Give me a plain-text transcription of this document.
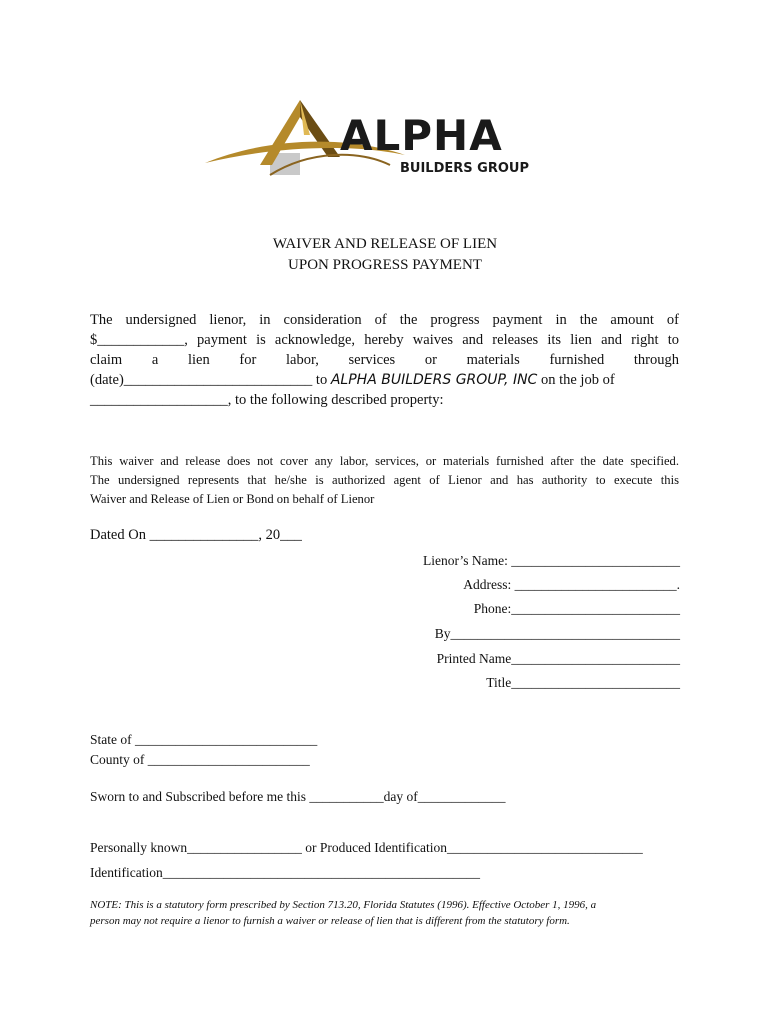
ALPHA
BUILDERS GROUP
WAIVER AND RELEASE OF LIEN
UPON PROGRESS PAYMENT
The undersigned lienor, in consideration of the progress payment in the amount of
$____________, payment is acknowledge, hereby waives and releases its lien and right to
claim a lien for labor, services or materials furnished through
(date)__________________________ to ALPHA BUILDERS GROUP, INC on the job of
___________________, to the following described property:
This waiver and release does not cover any labor, services, or materials furnished after the date specified.
The undersigned represents that he/she is authorized agent of Lienor and has authority to execute this
Waiver and Release of Lien or Bond on behalf of Lienor
Dated On _______________, 20___
Lienor’s Name: _________________________
Address: ________________________.
Phone:_________________________
By__________________________________
Printed Name_________________________
Title_________________________
State of ___________________________
County of ________________________
Sworn to and Subscribed before me this ___________day of_____________
Personally known_________________ or Produced Identification_____________________________
Identification_______________________________________________
NOTE: This is a statutory form prescribed by Section 713.20, Florida Statutes (1996). Effective October 1, 1996, a
person may not require a lienor to furnish a waiver or release of lien that is different from the statutory form.
